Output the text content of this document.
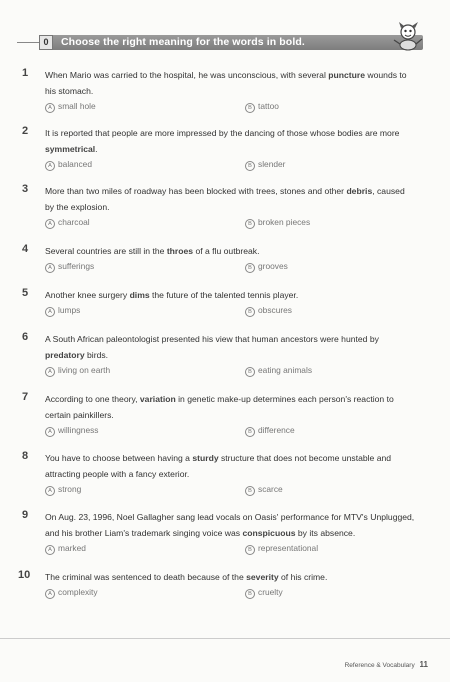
0	Choose the right meaning for the words in bold.
1	When Mario was carried to the hospital, he was unconscious, with several puncture wounds to his stomach.
A small hole	B tattoo
2	It is reported that people are more impressed by the dancing of those whose bodies are more symmetrical.
A balanced	B slender
3	More than two miles of roadway has been blocked with trees, stones and other debris, caused by the explosion.
A charcoal	B broken pieces
4	Several countries are still in the throes of a flu outbreak.
A sufferings	B grooves
5	Another knee surgery dims the future of the talented tennis player.
A lumps	B obscures
6	A South African paleontologist presented his view that human ancestors were hunted by predatory birds.
A living on earth	B eating animals
7	According to one theory, variation in genetic make-up determines each person's reaction to certain painkillers.
A willingness	B difference
8	You have to choose between having a sturdy structure that does not become unstable and attracting people with a fancy exterior.
A strong	B scarce
9	On Aug. 23, 1996, Noel Gallagher sang lead vocals on Oasis' performance for MTV's Unplugged, and his brother Liam's trademark singing voice was conspicuous by its absence.
A marked	B representational
10	The criminal was sentenced to death because of the severity of his crime.
A complexity	B cruelty
Reference & Vocabulary 11
